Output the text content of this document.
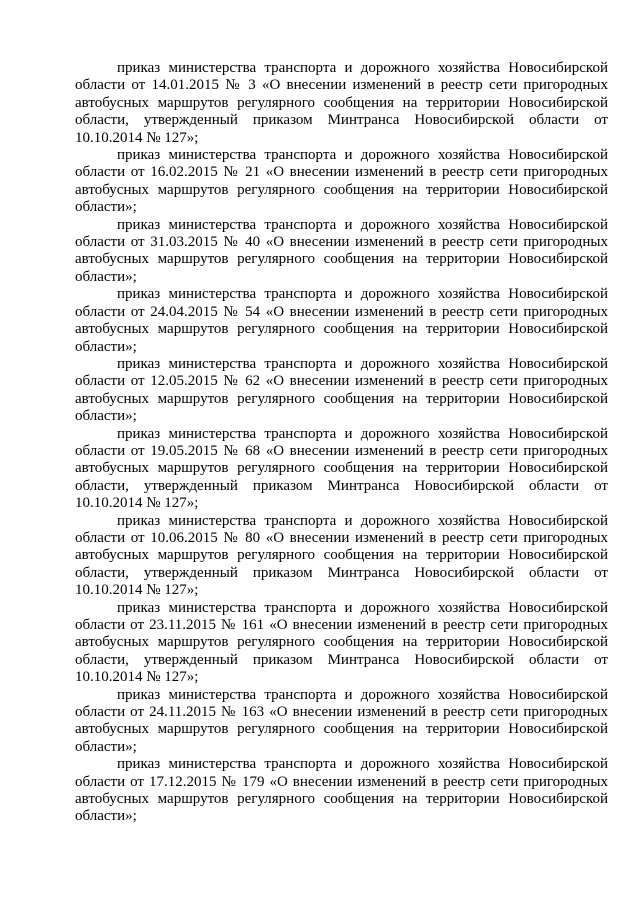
приказ министерства транспорта и дорожного хозяйства Новосибирской области от 14.01.2015 № 3 «О внесении изменений в реестр сети пригородных автобусных маршрутов регулярного сообщения на территории Новосибирской области, утвержденный приказом Минтранса Новосибирской области от 10.10.2014 № 127»;

приказ министерства транспорта и дорожного хозяйства Новосибирской области от 16.02.2015 № 21 «О внесении изменений в реестр сети пригородных автобусных маршрутов регулярного сообщения на территории Новосибирской области»;

приказ министерства транспорта и дорожного хозяйства Новосибирской области от 31.03.2015 № 40 «О внесении изменений в реестр сети пригородных автобусных маршрутов регулярного сообщения на территории Новосибирской области»;

приказ министерства транспорта и дорожного хозяйства Новосибирской области от 24.04.2015 № 54 «О внесении изменений в реестр сети пригородных автобусных маршрутов регулярного сообщения на территории Новосибирской области»;

приказ министерства транспорта и дорожного хозяйства Новосибирской области от 12.05.2015 № 62 «О внесении изменений в реестр сети пригородных автобусных маршрутов регулярного сообщения на территории Новосибирской области»;

приказ министерства транспорта и дорожного хозяйства Новосибирской области от 19.05.2015 № 68 «О внесении изменений в реестр сети пригородных автобусных маршрутов регулярного сообщения на территории Новосибирской области, утвержденный приказом Минтранса Новосибирской области от 10.10.2014 № 127»;

приказ министерства транспорта и дорожного хозяйства Новосибирской области от 10.06.2015 № 80 «О внесении изменений в реестр сети пригородных автобусных маршрутов регулярного сообщения на территории Новосибирской области, утвержденный приказом Минтранса Новосибирской области от 10.10.2014 № 127»;

приказ министерства транспорта и дорожного хозяйства Новосибирской области от 23.11.2015 № 161 «О внесении изменений в реестр сети пригородных автобусных маршрутов регулярного сообщения на территории Новосибирской области, утвержденный приказом Минтранса Новосибирской области от 10.10.2014 № 127»;

приказ министерства транспорта и дорожного хозяйства Новосибирской области от 24.11.2015 № 163 «О внесении изменений в реестр сети пригородных автобусных маршрутов регулярного сообщения на территории Новосибирской области»;

приказ министерства транспорта и дорожного хозяйства Новосибирской области от 17.12.2015 № 179 «О внесении изменений в реестр сети пригородных автобусных маршрутов регулярного сообщения на территории Новосибирской области»;
